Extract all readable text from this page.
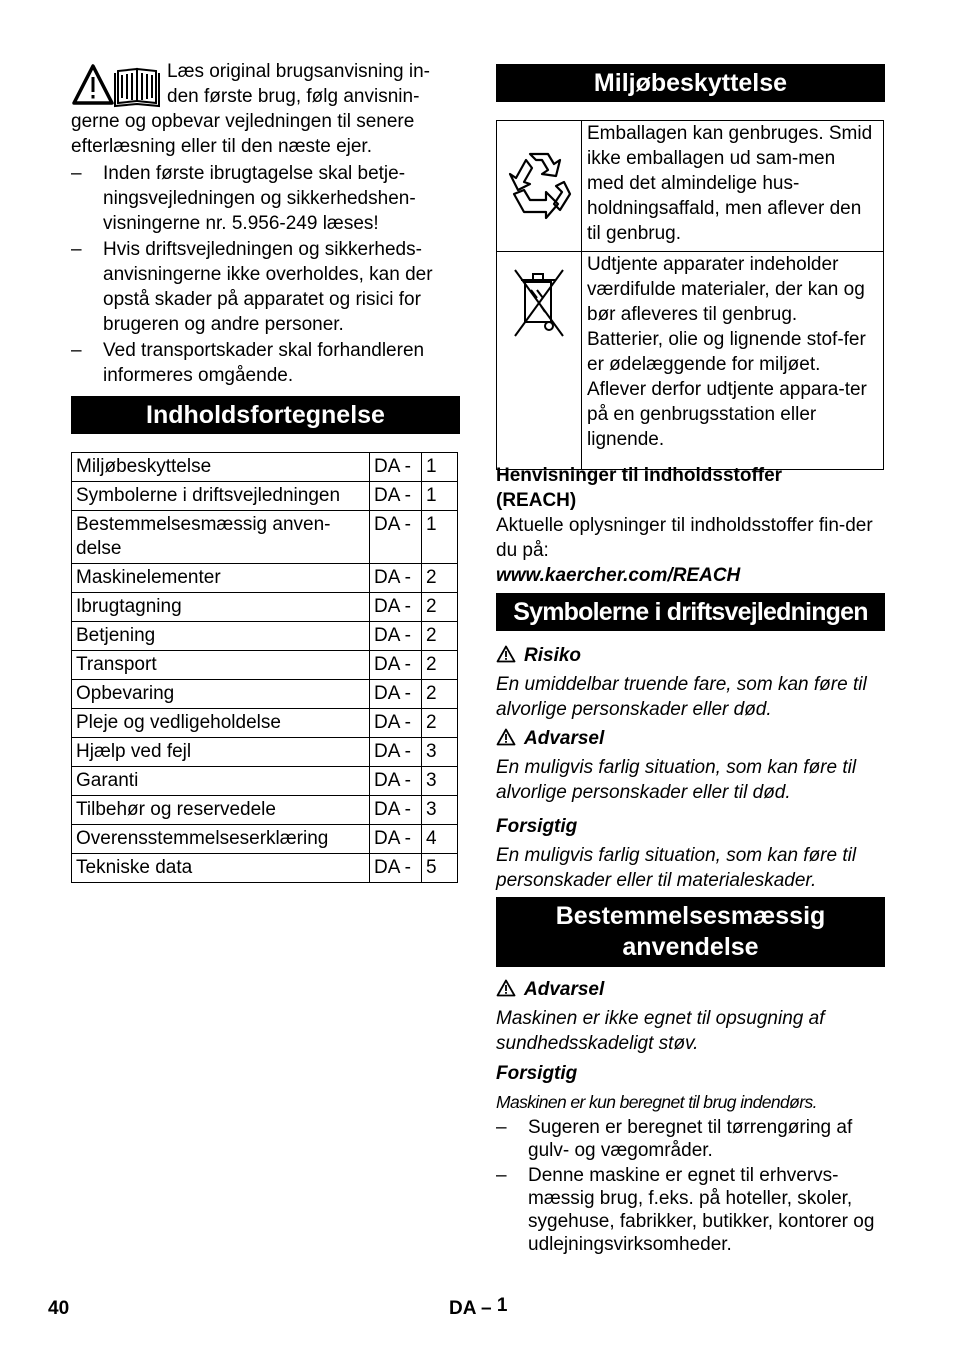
Læs original brugsanvisning in-
den første brug, følg anvisnin-
gerne og opbevar vejledningen til senere efterlæsning eller til den næste ejer.

– Inden første ibrugtagelse skal betje-ningsvejledningen og sikkerhedshen-visningerne nr. 5.956-249 læses!
– Hvis driftsvejledningen og sikkerheds-anvisningerne ikke overholdes, kan der opstå skader på apparatet og risici for brugeren og andre personer.
– Ved transportskader skal forhandleren informeres omgående.
Indholdsfortegnelse
Miljøbeskyttelse	DA -	1
Symbolerne i driftsvejledningen	DA -	1
Bestemmelsesmæssig anven-delse	DA -	1
Maskinelementer	DA -	2
Ibrugtagning	DA -	2
Betjening	DA -	2
Transport	DA -	2
Opbevaring	DA -	2
Pleje og vedligeholdelse	DA -	2
Hjælp ved fejl	DA -	3
Garanti	DA -	3
Tilbehør og reservedele	DA -	3
Overensstemmelseserklæring	DA -	4
Tekniske data	DA -	5
Miljøbeskyttelse
	Emballagen kan genbruges. Smid ikke emballagen ud sam-men med det almindelige hus-holdningsaffald, men aflever den til genbrug.
	Udtjente apparater indeholder værdifulde materialer, der kan og bør afleveres til genbrug. Batterier, olie og lignende stof-fer er ødelæggende for miljøet. Aflever derfor udtjente appara-ter på en genbrugsstation eller lignende.

Henvisninger til indholdsstoffer (REACH)

Aktuelle oplysninger til indholdsstoffer fin-der du på:

www.kaercher.com/REACH

Symbolerne i driftsvejledningen

Risiko

En umiddelbar truende fare, som kan føre til alvorlige personskader eller død.

Advarsel

En muligvis farlig situation, som kan føre til alvorlige personskader eller til død.

Forsigtig

En muligvis farlig situation, som kan føre til personskader eller til materialeskader.

Bestemmelsesmæssig
anvendelse

Advarsel

Maskinen er ikke egnet til opsugning af sundhedsskadeligt støv.

Forsigtig

Maskinen er kun beregnet til brug indendørs.

– Sugeren er beregnet til tørrengøring af gulv- og vægområder.
– Denne maskine er egnet til erhvervs-mæssig brug, f.eks. på hoteller, skoler, sygehuse, fabrikker, butikker, kontorer og udlejningsvirksomheder.
40	DA – 1
